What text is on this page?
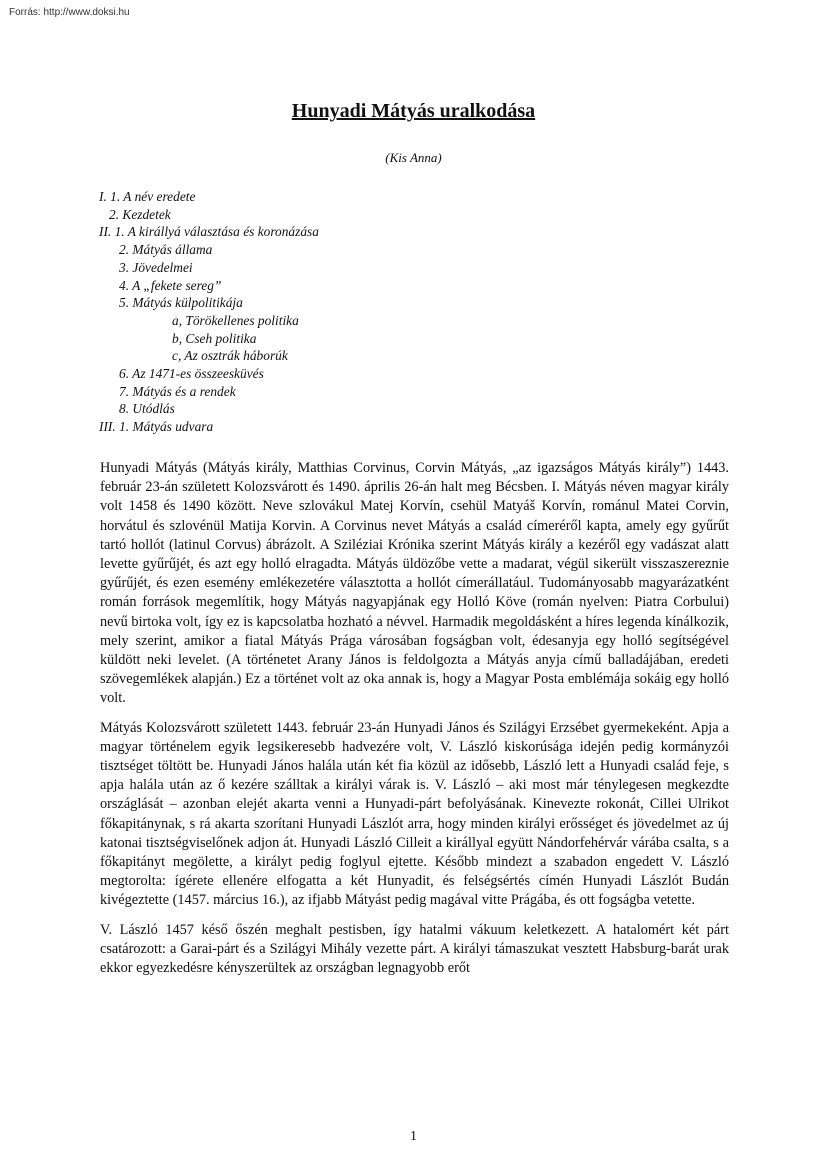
Forrás: http://www.doksi.hu
Hunyadi Mátyás uralkodása
(Kis Anna)
I. 1. A név eredete
2. Kezdetek
II. 1. A királlyá választása és koronázása
2. Mátyás állama
3. Jövedelmei
4. A „fekete sereg”
5. Mátyás külpolitikája
a, Törökellenes politika
b, Cseh politika
c, Az osztrák háborúk
6. Az 1471-es összeesküvés
7. Mátyás és a rendek
8. Utódlás
III. 1. Mátyás udvara

Hunyadi Mátyás (Mátyás király, Matthias Corvinus, Corvin Mátyás, „az igazságos Mátyás király”) 1443. február 23-án született Kolozsvárott és 1490. április 26-án halt meg Bécsben. I. Mátyás néven magyar király volt 1458 és 1490 között. Neve szlovákul Matej Korvín, csehül Matyáš Korvín, románul Matei Corvin, horvátul és szlovénül Matija Korvin. A Corvinus nevet Mátyás a család címeréről kapta, amely egy gyűrűt tartó hollót (latinul Corvus) ábrázolt. A Sziléziai Krónika szerint Mátyás király a kezéről egy vadászat alatt levette gyűrűjét, és azt egy holló elragadta. Mátyás üldözőbe vette a madarat, végül sikerült visszaszereznie gyűrűjét, és ezen esemény emlékezetére választotta a hollót címerállatául. Tudományosabb magyarázatként román források megemlítik, hogy Mátyás nagyapjának egy Holló Köve (román nyelven: Piatra Corbului) nevű birtoka volt, így ez is kapcsolatba hozható a névvel. Harmadik megoldásként a híres legenda kínálkozik, mely szerint, amikor a fiatal Mátyás Prága városában fogságban volt, édesanyja egy holló segítségével küldött neki levelet. (A történetet Arany János is feldolgozta a Mátyás anyja című balladájában, eredeti szövegemlékek alapján.) Ez a történet volt az oka annak is, hogy a Magyar Posta emblémája sokáig egy holló volt.

Mátyás Kolozsvárott született 1443. február 23-án Hunyadi János és Szilágyi Erzsébet gyermekeként. Apja a magyar történelem egyik legsikeresebb hadvezére volt, V. László kiskorúsága idején pedig kormányzói tisztséget töltött be. Hunyadi János halála után két fia közül az idősebb, László lett a Hunyadi család feje, s apja halála után az ő kezére szálltak a királyi várak is. V. László – aki most már ténylegesen megkezdte országlását – azonban elejét akarta venni a Hunyadi-párt befolyásának. Kinevezte rokonát, Cillei Ulrikot főkapitánynak, s rá akarta szorítani Hunyadi Lászlót arra, hogy minden királyi erősséget és jövedelmet az új katonai tisztségviselőnek adjon át. Hunyadi László Cilleit a királlyal együtt Nándorfehérvár várába csalta, s a főkapitányt megölette, a királyt pedig foglyul ejtette. Később mindezt a szabadon engedett V. László megtorolta: ígérete ellenére elfogatta a két Hunyadit, és felségsértés címén Hunyadi Lászlót Budán kivégeztette (1457. március 16.), az ifjabb Mátyást pedig magával vitte Prágába, és ott fogságba vetette.

V. László 1457 késő őszén meghalt pestisben, így hatalmi vákuum keletkezett. A hatalomért két párt csatározott: a Garai-párt és a Szilágyi Mihály vezette párt. A királyi támaszukat vesztett Habsburg-barát urak ekkor egyezkedésre kényszerültek az országban legnagyobb erőt

1
